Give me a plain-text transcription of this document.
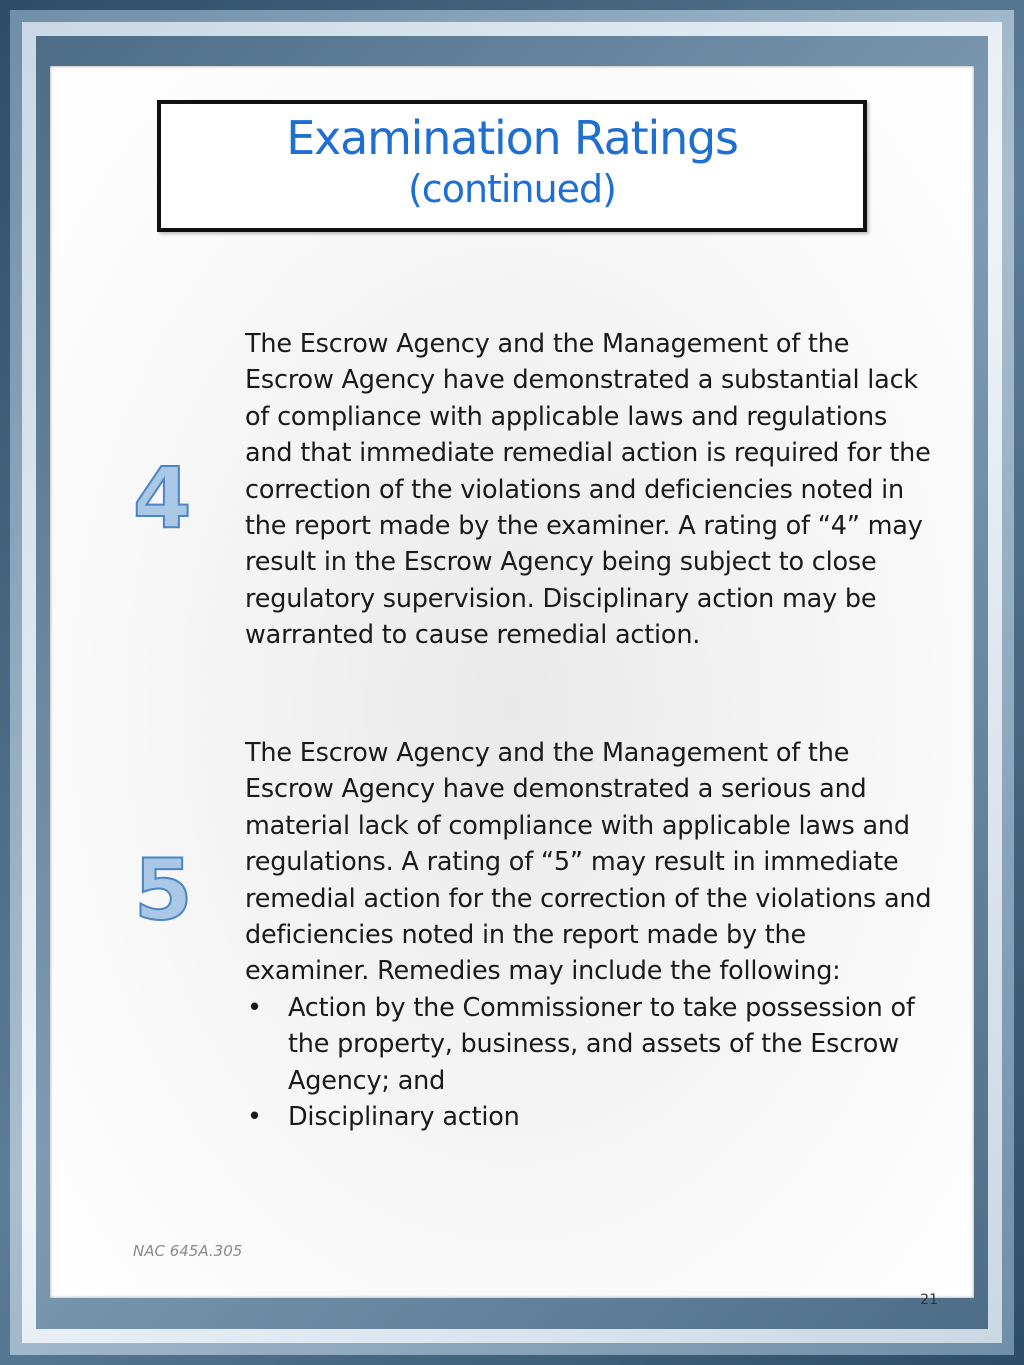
Examination Ratings
(continued)
4
The Escrow Agency and the Management of the Escrow Agency have demonstrated a substantial lack of compliance with applicable laws and regulations and that immediate remedial action is required for the correction of the violations and deficiencies noted in the report made by the examiner. A rating of “4” may result in the Escrow Agency being subject to close regulatory supervision. Disciplinary action may be warranted to cause remedial action.
5
The Escrow Agency and the Management of the Escrow Agency have demonstrated a serious and material lack of compliance with applicable laws and regulations. A rating of “5” may result in immediate remedial action for the correction of the violations and deficiencies noted in the report made by the examiner. Remedies may include the following:
• Action by the Commissioner to take possession of the property, business, and assets of the Escrow Agency; and
• Disciplinary action
NAC 645A.305
21
